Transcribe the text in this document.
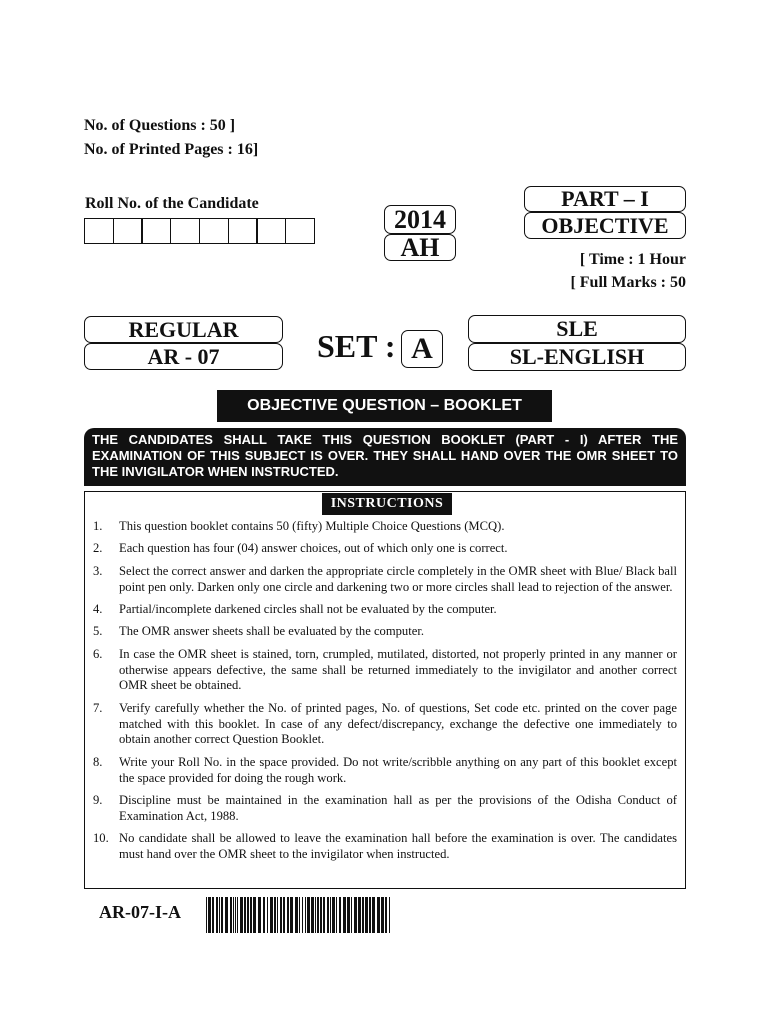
No. of Questions : 50 ]
No. of Printed Pages : 16]
Roll No. of the Candidate
2014
AH
PART – I
OBJECTIVE
[ Time : 1 Hour
[ Full Marks : 50
REGULAR
AR - 07	SET : A
SLE
SL-ENGLISH
OBJECTIVE QUESTION – BOOKLET
THE CANDIDATES SHALL TAKE THIS QUESTION BOOKLET (PART - I) AFTER THE EXAMINATION OF THIS SUBJECT IS OVER. THEY SHALL HAND OVER THE OMR SHEET TO THE INVIGILATOR WHEN INSTRUCTED.
INSTRUCTIONS
1.	This question booklet contains 50 (fifty) Multiple Choice Questions (MCQ).
2.	Each question has four (04) answer choices, out of which only one is correct.
3.	Select the correct answer and darken the appropriate circle completely in the OMR sheet with Blue/ Black ball point pen only. Darken only one circle and darkening two or more circles shall lead to rejection of the answer.
4.	Partial/incomplete darkened circles shall not be evaluated by the computer.
5.	The OMR answer sheets shall be evaluated by the computer.
6.	In case the OMR sheet is stained, torn, crumpled, mutilated, distorted, not properly printed in any manner or otherwise appears defective, the same shall be returned immediately to the invigilator and another correct OMR sheet be obtained.
7.	Verify carefully whether the No. of printed pages, No. of questions, Set code etc. printed on the cover page matched with this booklet. In case of any defect/discrepancy, exchange the defective one immediately to obtain another correct Question Booklet.
8.	Write your Roll No. in the space provided. Do not write/scribble anything on any part of this booklet except the space provided for doing the rough work.
9.	Discipline must be maintained in the examination hall as per the provisions of the Odisha Conduct of Examination Act, 1988.
10. No candidate shall be allowed to leave the examination hall before the examination is over. The candidates must hand over the OMR sheet to the invigilator when instructed.
AR-07-I-A
